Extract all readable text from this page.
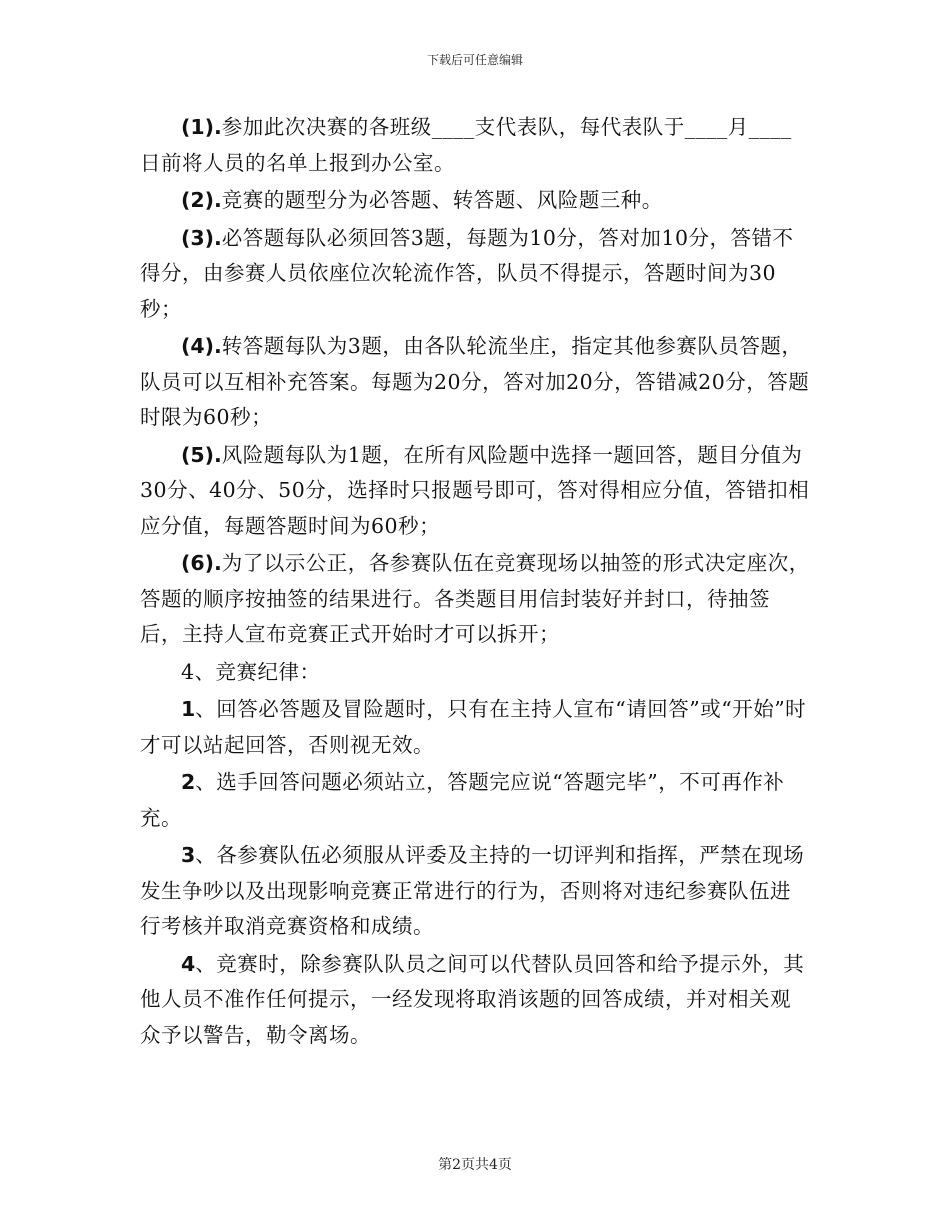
下载后可任意编辑

(1).参加此次决赛的各班级____支代表队，每代表队于____月____日前将人员的名单上报到办公室。

(2).竞赛的题型分为必答题、转答题、风险题三种。

(3).必答题每队必须回答3题，每题为10分，答对加10分，答错不得分，由参赛人员依座位次轮流作答，队员不得提示，答题时间为30秒；

(4).转答题每队为3题，由各队轮流坐庄，指定其他参赛队员答题，队员可以互相补充答案。每题为20分，答对加20分，答错减20分，答题时限为60秒；

(5).风险题每队为1题，在所有风险题中选择一题回答，题目分值为30分、40分、50分，选择时只报题号即可，答对得相应分值，答错扣相应分值，每题答题时间为60秒；

(6).为了以示公正，各参赛队伍在竞赛现场以抽签的形式决定座次，答题的顺序按抽签的结果进行。各类题目用信封装好并封口，待抽签后，主持人宣布竞赛正式开始时才可以拆开；

4、竞赛纪律：

1、回答必答题及冒险题时，只有在主持人宣布“请回答”或“开始”时才可以站起回答，否则视无效。

2、选手回答问题必须站立，答题完应说“答题完毕”，不可再作补充。

3、各参赛队伍必须服从评委及主持的一切评判和指挥，严禁在现场发生争吵以及出现影响竞赛正常进行的行为，否则将对违纪参赛队伍进行考核并取消竞赛资格和成绩。

4、竞赛时，除参赛队队员之间可以代替队员回答和给予提示外，其他人员不准作任何提示，一经发现将取消该题的回答成绩，并对相关观众予以警告，勒令离场。

第2页共4页
